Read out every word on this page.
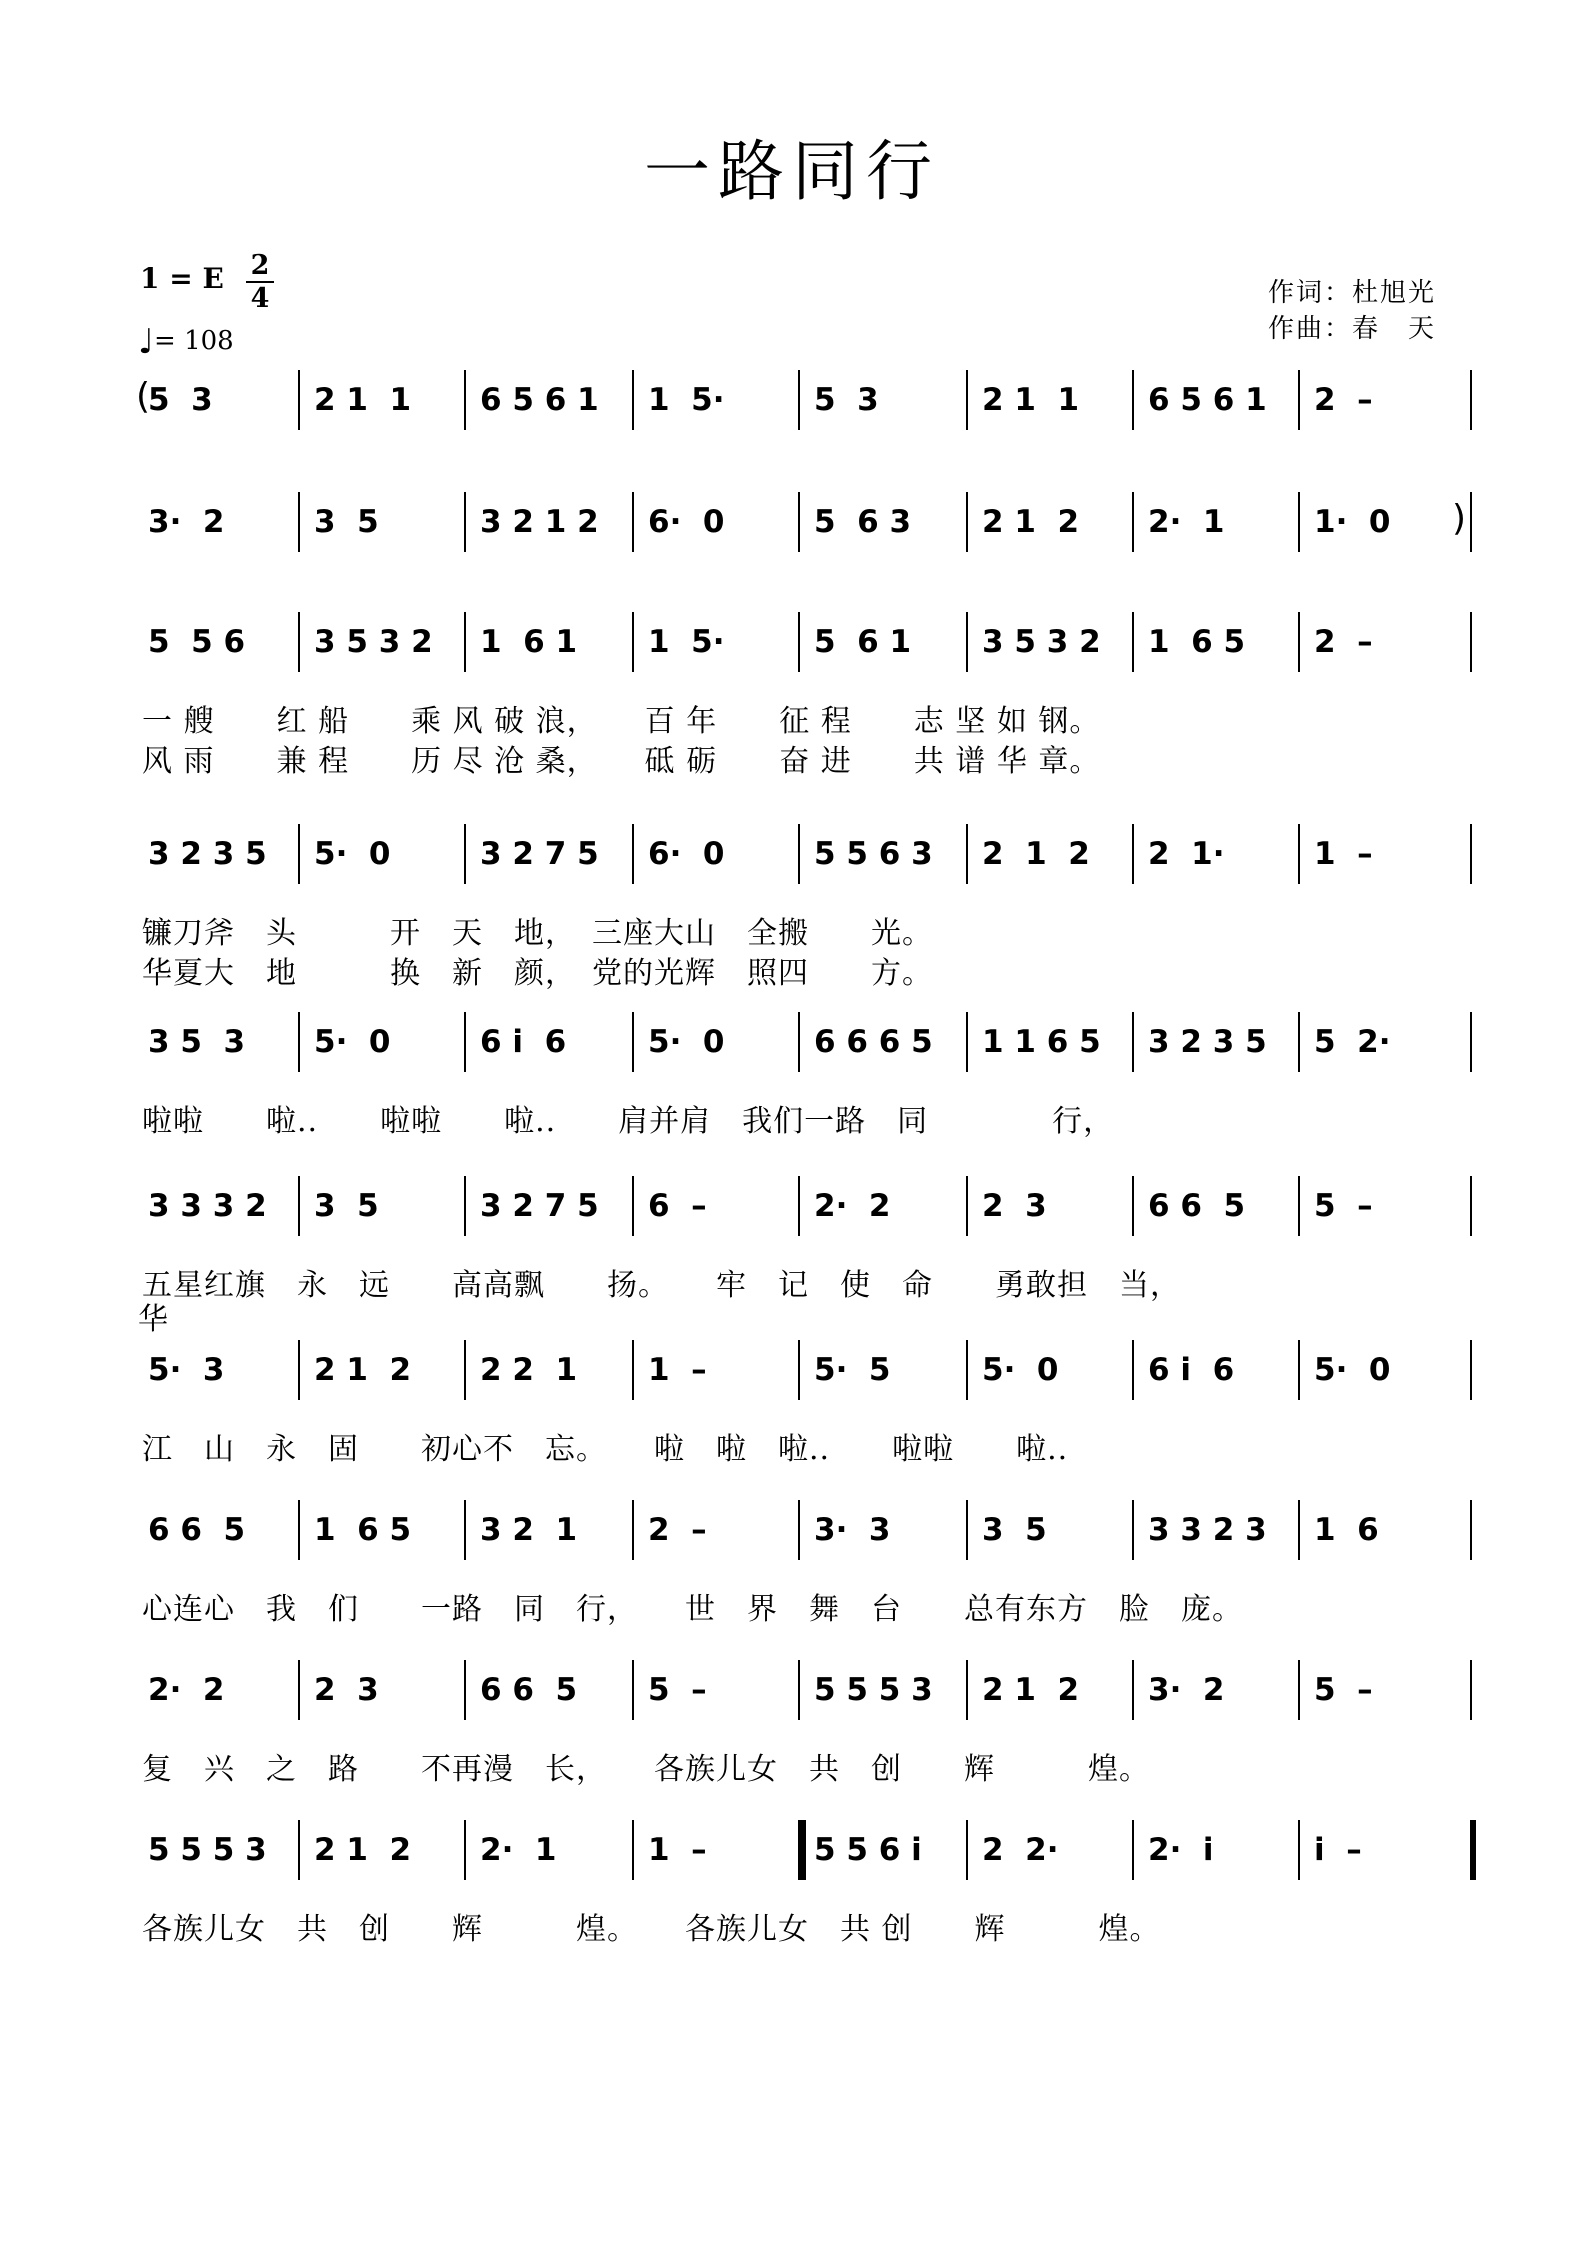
一路同行
1 = E 2
4
♩= 108
作词：杜旭光
作曲：春　天
5  3	2 1  1 6 5 6 1 1  5·	5  3	2 1  1 6 5 6 1 2  –
(
3·  2	3  5	3 2 1 2 6·  0	5  6 3 2 1  2 2·  1	1·  0 )
5  5 6 3 5 3 2 1  6 1 1  5·	5  6 1 3 5 3 2 1  6 5 2  –
一 艘　　红 船　　乘 风 破 浪，　　百 年　　征 程　　志 坚 如 钢。
风 雨　　兼 程　　历 尽 沧 桑，　　砥 砺　　奋 进　　共 谱 华 章。
3 2 3 5 5·  0	3 2 7 5 6·  0	5 5 6 3 2  1  2 2  1·	1  –
镰刀斧　头　　　开　天　地，　三座大山　全搬　　光。
华夏大　地　　　换　新　颜，　党的光辉　照四　　方。
3 5  3 5·  0	6 i  6	5·  0	6 6 6 5 1 1 6 5 3 2 3 5 5  2·
啦啦　　啦..　　啦啦　　啦..　　肩并肩　我们一路　同　　　　行，
3 3 3 2 3  5	3 2 7 5 6  –	2·  2	2  3	6 6  5 5  –
五星红旗　永　远　　高高飘　　扬。　　牢　记　使　命　　勇敢担　当，
5·  3	2 1  2 2 2  1 1  –	5·  5	5·  0	6 i  6	5·  0
江　山　永　固　　初心不　忘。　　啦　啦　啦..　　啦啦　　啦..
6 6  5 1  6 5 3 2  1 2  –	3·  3	3  5	3 3 2 3 1  6
心连心　我　们　　一路　同　行，　　世　界　舞　台　　总有东方　脸　庞。
2·  2	2  3	6 6  5 5  –	5 5 5 3 2 1  2 3·  2	5  –
复　兴　之　路　　不再漫　长，　　各族儿女　共　创　　辉　　　煌。
5 5 5 3 2 1  2 2·  1	1  –	5 5 6 i 2  2·	2·  i	i  –
各族儿女　共　创　　辉　　　煌。　　各族儿女　共 创　　辉　　　煌。
华
